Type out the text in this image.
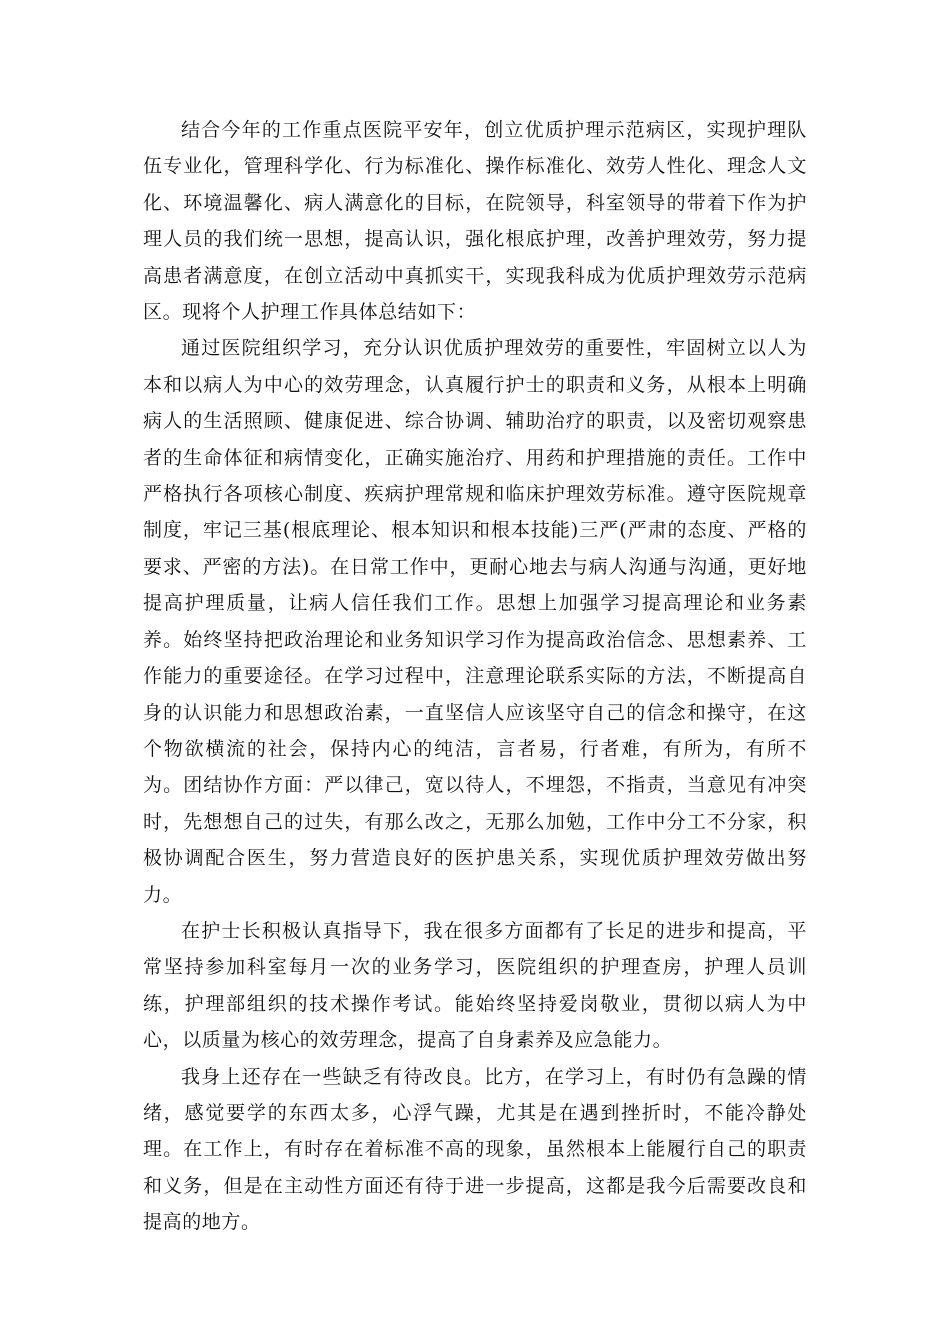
结合今年的工作重点医院平安年，创立优质护理示范病区，实现护理队伍专业化，管理科学化、行为标准化、操作标准化、效劳人性化、理念人文化、环境温馨化、病人满意化的目标，在院领导，科室领导的带着下作为护理人员的我们统一思想，提高认识，强化根底护理，改善护理效劳，努力提高患者满意度，在创立活动中真抓实干，实现我科成为优质护理效劳示范病区。现将个人护理工作具体总结如下：

通过医院组织学习，充分认识优质护理效劳的重要性，牢固树立以人为本和以病人为中心的效劳理念，认真履行护士的职责和义务，从根本上明确病人的生活照顾、健康促进、综合协调、辅助治疗的职责，以及密切观察患者的生命体征和病情变化，正确实施治疗、用药和护理措施的责任。工作中严格执行各项核心制度、疾病护理常规和临床护理效劳标准。遵守医院规章制度，牢记三基(根底理论、根本知识和根本技能)三严(严肃的态度、严格的要求、严密的方法)。在日常工作中，更耐心地去与病人沟通与沟通，更好地提高护理质量，让病人信任我们工作。思想上加强学习提高理论和业务素养。始终坚持把政治理论和业务知识学习作为提高政治信念、思想素养、工作能力的重要途径。在学习过程中，注意理论联系实际的方法，不断提高自身的认识能力和思想政治素，一直坚信人应该坚守自己的信念和操守，在这个物欲横流的社会，保持内心的纯洁，言者易，行者难，有所为，有所不为。团结协作方面：严以律己，宽以待人，不埋怨，不指责，当意见有冲突时，先想想自己的过失，有那么改之，无那么加勉，工作中分工不分家，积极协调配合医生，努力营造良好的医护患关系，实现优质护理效劳做出努力。

在护士长积极认真指导下，我在很多方面都有了长足的进步和提高，平常坚持参加科室每月一次的业务学习，医院组织的护理查房，护理人员训练，护理部组织的技术操作考试。能始终坚持爱岗敬业，贯彻以病人为中心，以质量为核心的效劳理念，提高了自身素养及应急能力。

我身上还存在一些缺乏有待改良。比方，在学习上，有时仍有急躁的情绪，感觉要学的东西太多，心浮气躁，尤其是在遇到挫折时，不能冷静处理。在工作上，有时存在着标准不高的现象，虽然根本上能履行自己的职责和义务，但是在主动性方面还有待于进一步提高，这都是我今后需要改良和提高的地方。
